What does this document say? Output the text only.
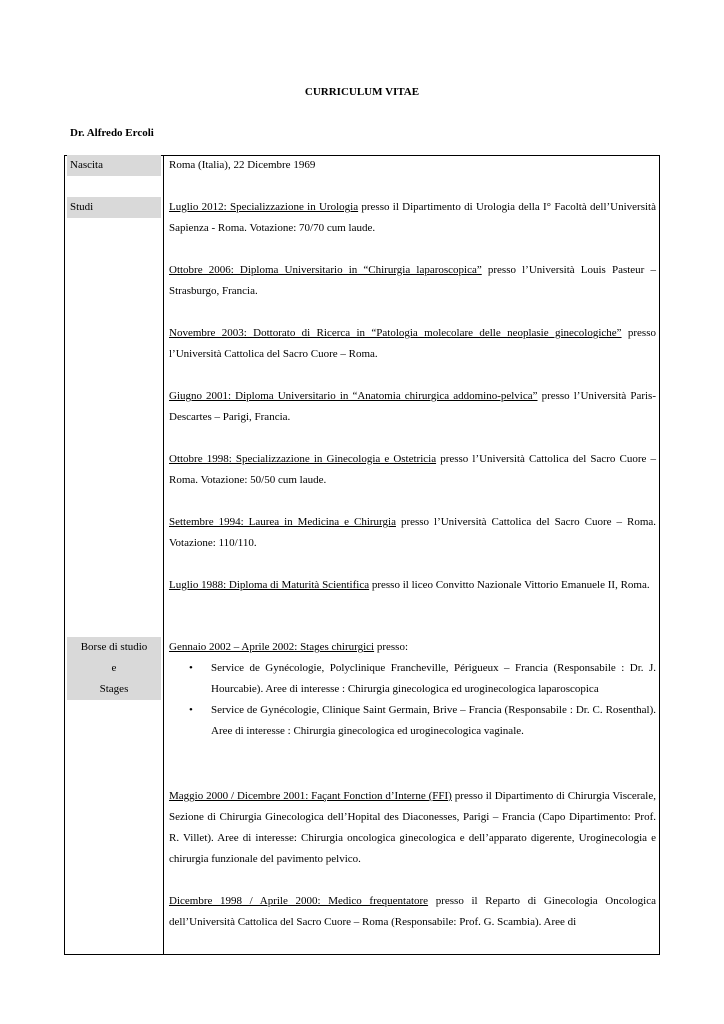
CURRICULUM VITAE
Dr. Alfredo Ercoli
Nascita	Roma (Italia), 22 Dicembre 1969
Studi	Luglio 2012: Specializzazione in Urologia presso il Dipartimento di Urologia della I° Facoltà dell’Università Sapienza - Roma. Votazione: 70/70 cum laude.
Ottobre 2006: Diploma Universitario in “Chirurgia laparoscopica” presso l’Università Louis Pasteur – Strasburgo, Francia.
Novembre 2003: Dottorato di Ricerca in “Patologia molecolare delle neoplasie ginecologiche” presso l’Università Cattolica del Sacro Cuore – Roma.
Giugno 2001: Diploma Universitario in “Anatomia chirurgica addomino-pelvica” presso l’Università Paris-Descartes – Parigi, Francia.
Ottobre 1998: Specializzazione in Ginecologia e Ostetricia presso l’Università Cattolica del Sacro Cuore – Roma. Votazione: 50/50 cum laude.
Settembre 1994: Laurea in Medicina e Chirurgia presso l’Università Cattolica del Sacro Cuore – Roma. Votazione: 110/110.
Luglio 1988: Diploma di Maturità Scientifica presso il liceo Convitto Nazionale Vittorio Emanuele II, Roma.
Borse di studio
e
Stages
Gennaio 2002 – Aprile 2002: Stages chirurgici presso:
• Service de Gynécologie, Polyclinique Francheville, Périgueux – Francia (Responsabile : Dr. J. Hourcabie). Aree di interesse : Chirurgia ginecologica ed uroginecologica laparoscopica
• Service de Gynécologie, Clinique Saint Germain, Brive – Francia (Responsabile : Dr. C. Rosenthal). Aree di interesse : Chirurgia ginecologica ed uroginecologica vaginale.
Maggio 2000 / Dicembre 2001: Façant Fonction d’Interne (FFI) presso il Dipartimento di Chirurgia Viscerale, Sezione di Chirurgia Ginecologica dell’Hopital des Diaconesses, Parigi – Francia (Capo Dipartimento: Prof. R. Villet). Aree di interesse: Chirurgia oncologica ginecologica e dell’apparato digerente, Uroginecologia e chirurgia funzionale del pavimento pelvico.
Dicembre 1998 / Aprile 2000: Medico frequentatore presso il Reparto di Ginecologia Oncologica dell’Università Cattolica del Sacro Cuore – Roma (Responsabile: Prof. G. Scambia). Aree di
